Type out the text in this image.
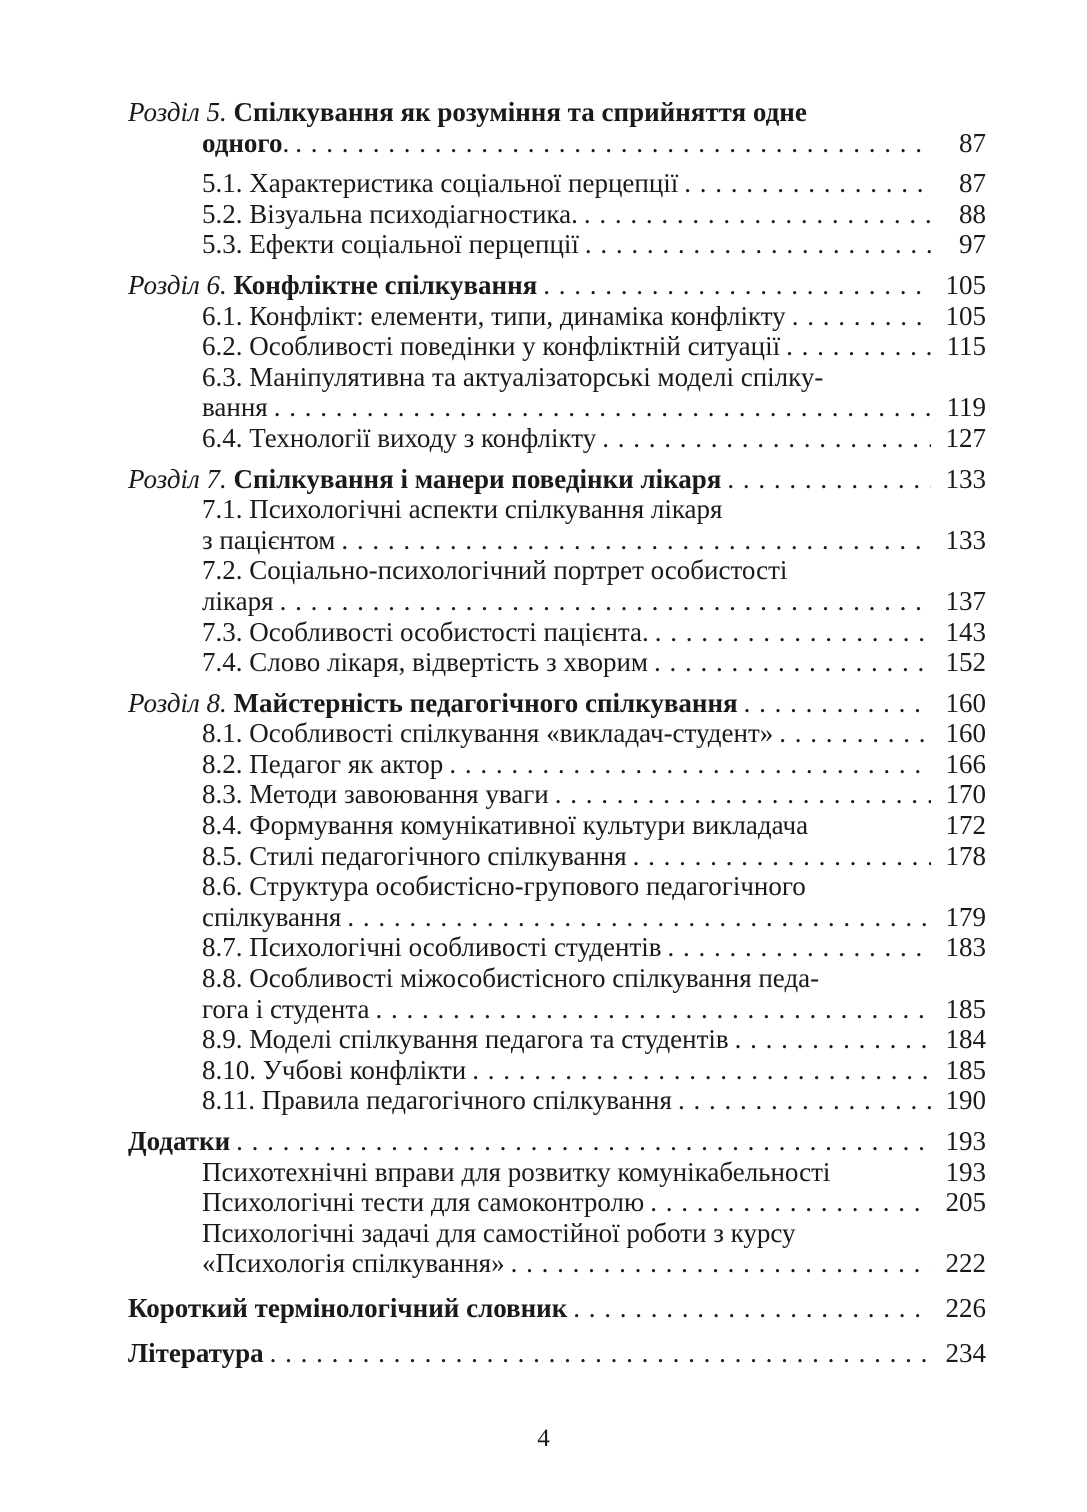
Розділ 5. Спілкування як розуміння та сприйняття одне
одного. . . .	87
5.1. Характеристика соціальної перцепції . . .	87
5.2. Візуальна психодіагностика. . . .	88
5.3. Ефекти соціальної перцепції . . .	97
Розділ 6. Конфліктне спілкування . . .	105
6.1. Конфлікт: елементи, типи, динаміка конфлікту . . .	105
6.2. Особливості поведінки у конфліктній ситуації . . .	115
6.3. Маніпулятивна та актуалізаторські моделі спілку-
вання . . .	119
6.4. Технології виходу з конфлікту . . .	127
Розділ 7. Спілкування і манери поведінки лікаря . . .	133
7.1. Психологічні аспекти спілкування лікаря
з пацієнтом . . .	133
7.2. Соціально-психологічний портрет особистості
лікаря . . .	137
7.3. Особливості особистості пацієнта. . . .	143
7.4. Слово лікаря, відвертість з хворим . . .	152
Розділ 8. Майстерність педагогічного спілкування . . .	160
8.1. Особливості спілкування «викладач-студент» . . .	160
8.2. Педагог як актор . . .	166
8.3. Методи завоювання уваги . . .	170
8.4. Формування комунікативної культури викладача	172
8.5. Стилі педагогічного спілкування . . .	178
8.6. Структура особистісно-групового педагогічного
спілкування . . .	179
8.7. Психологічні особливості студентів . . .	183
8.8. Особливості міжособистісного спілкування педа-
гога і студента . . .	185
8.9. Моделі спілкування педагога та студентів . . .	184
8.10. Учбові конфлікти . . .	185
8.11. Правила педагогічного спілкування . . .	190
Додатки . . .	193
Психотехнічні вправи для розвитку комунікабельності	193
Психологічні тести для самоконтролю . . .	205
Психологічні задачі для самостійної роботи з курсу
«Психологія спілкування» . . .	222
Короткий термінологічний словник . . .	226
Література . . .	234
4
